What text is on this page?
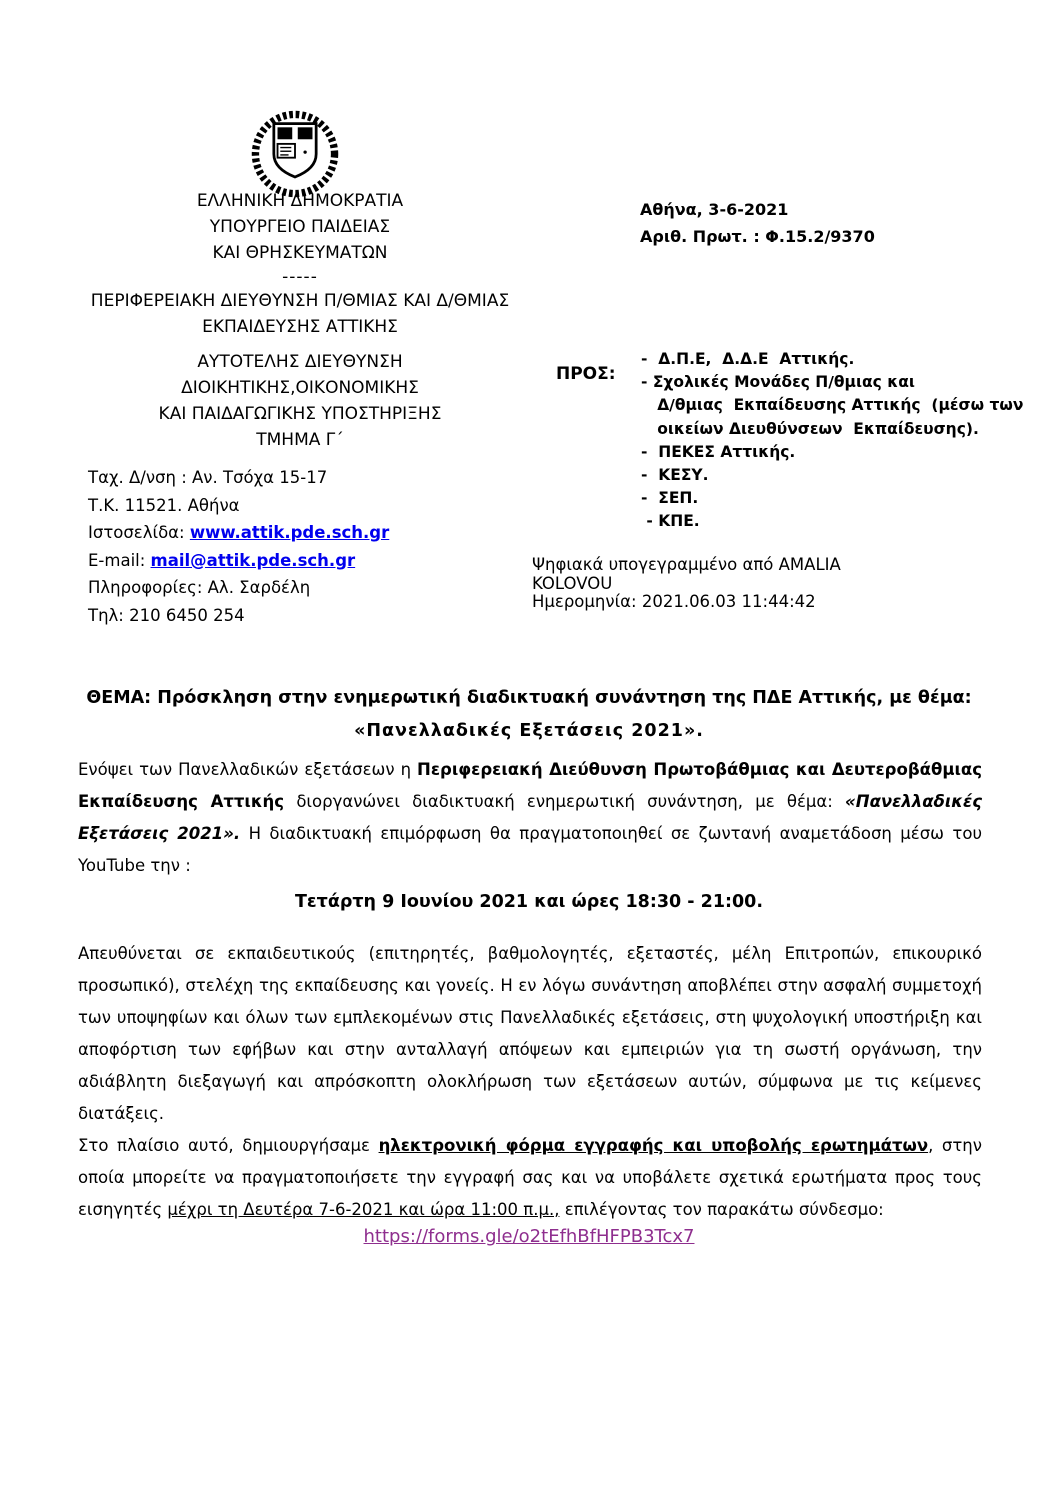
ΕΛΛΗΝΙΚΗ ΔΗΜΟΚΡΑΤΙΑ
ΥΠΟΥΡΓΕΙΟ ΠΑΙΔΕΙΑΣ
ΚΑΙ ΘΡΗΣΚΕΥΜΑΤΩΝ
-----
ΠΕΡΙΦΕΡΕΙΑΚΗ ΔΙΕΥΘΥΝΣΗ Π/ΘΜΙΑΣ ΚΑΙ Δ/ΘΜΙΑΣ
ΕΚΠΑΙΔΕΥΣΗΣ ΑΤΤΙΚΗΣ
ΑΥΤΟΤΕΛΗΣ ΔΙΕΥΘΥΝΣΗ
ΔΙΟΙΚΗΤΙΚΗΣ,ΟΙΚΟΝΟΜΙΚΗΣ
ΚΑΙ ΠΑΙΔΑΓΩΓΙΚΗΣ ΥΠΟΣΤΗΡΙΞΗΣ
ΤΜΗΜΑ Γ΄
Ταχ. Δ/νση : Αν. Τσόχα 15-17
Τ.Κ. 11521. Αθήνα
Ιστοσελίδα: www.attik.pde.sch.gr
E-mail: mail@attik.pde.sch.gr
Πληροφορίες: Αλ. Σαρδέλη
Τηλ: 210 6450 254
Αθήνα, 3-6-2021
Αριθ. Πρωτ. : Φ.15.2/9370
ΠΡΟΣ:
-  Δ.Π.Ε,  Δ.Δ.Ε  Αττικής.
- Σχολικές Μονάδες Π/θμιας και
Δ/θμιας  Εκπαίδευσης Αττικής  (μέσω των
οικείων Διευθύνσεων  Εκπαίδευσης).
-  ΠΕΚΕΣ Αττικής.
-  ΚΕΣΥ.
-  ΣΕΠ.
- ΚΠΕ.
Ψηφιακά υπογεγραμμένο από AMALIA
KOLOVOU
Ημερομηνία: 2021.06.03 11:44:42
ΘΕΜΑ: Πρόσκληση στην ενημερωτική διαδικτυακή συνάντηση της ΠΔΕ Αττικής, με θέμα:
«Πανελλαδικές Εξετάσεις 2021».
Ενόψει των Πανελλαδικών εξετάσεων η Περιφερειακή Διεύθυνση Πρωτοβάθμιας και Δευτεροβάθμιας Εκπαίδευσης Αττικής διοργανώνει διαδικτυακή ενημερωτική συνάντηση, με θέμα: «Πανελλαδικές Εξετάσεις 2021». Η διαδικτυακή επιμόρφωση θα πραγματοποιηθεί σε ζωντανή αναμετάδοση μέσω του YouTube την :
Τετάρτη 9 Ιουνίου 2021 και ώρες 18:30 - 21:00.
Απευθύνεται σε εκπαιδευτικούς (επιτηρητές, βαθμολογητές, εξεταστές, μέλη Επιτροπών, επικουρικό προσωπικό), στελέχη της εκπαίδευσης και γονείς. Η εν λόγω συνάντηση αποβλέπει στην ασφαλή συμμετοχή των υποψηφίων και όλων των εμπλεκομένων στις Πανελλαδικές εξετάσεις, στη ψυχολογική υποστήριξη και αποφόρτιση των εφήβων και στην ανταλλαγή απόψεων και εμπειριών για τη σωστή οργάνωση, την αδιάβλητη διεξαγωγή και απρόσκοπτη ολοκλήρωση των εξετάσεων αυτών, σύμφωνα με τις κείμενες διατάξεις.
Στο πλαίσιο αυτό, δημιουργήσαμε ηλεκτρονική φόρμα εγγραφής και υποβολής ερωτημάτων, στην οποία μπορείτε να πραγματοποιήσετε την εγγραφή σας και να υποβάλετε σχετικά ερωτήματα προς τους εισηγητές μέχρι τη Δευτέρα 7-6-2021 και ώρα 11:00 π.μ., επιλέγοντας τον παρακάτω σύνδεσμο:
https://forms.gle/o2tEfhBfHFPB3Tcx7
